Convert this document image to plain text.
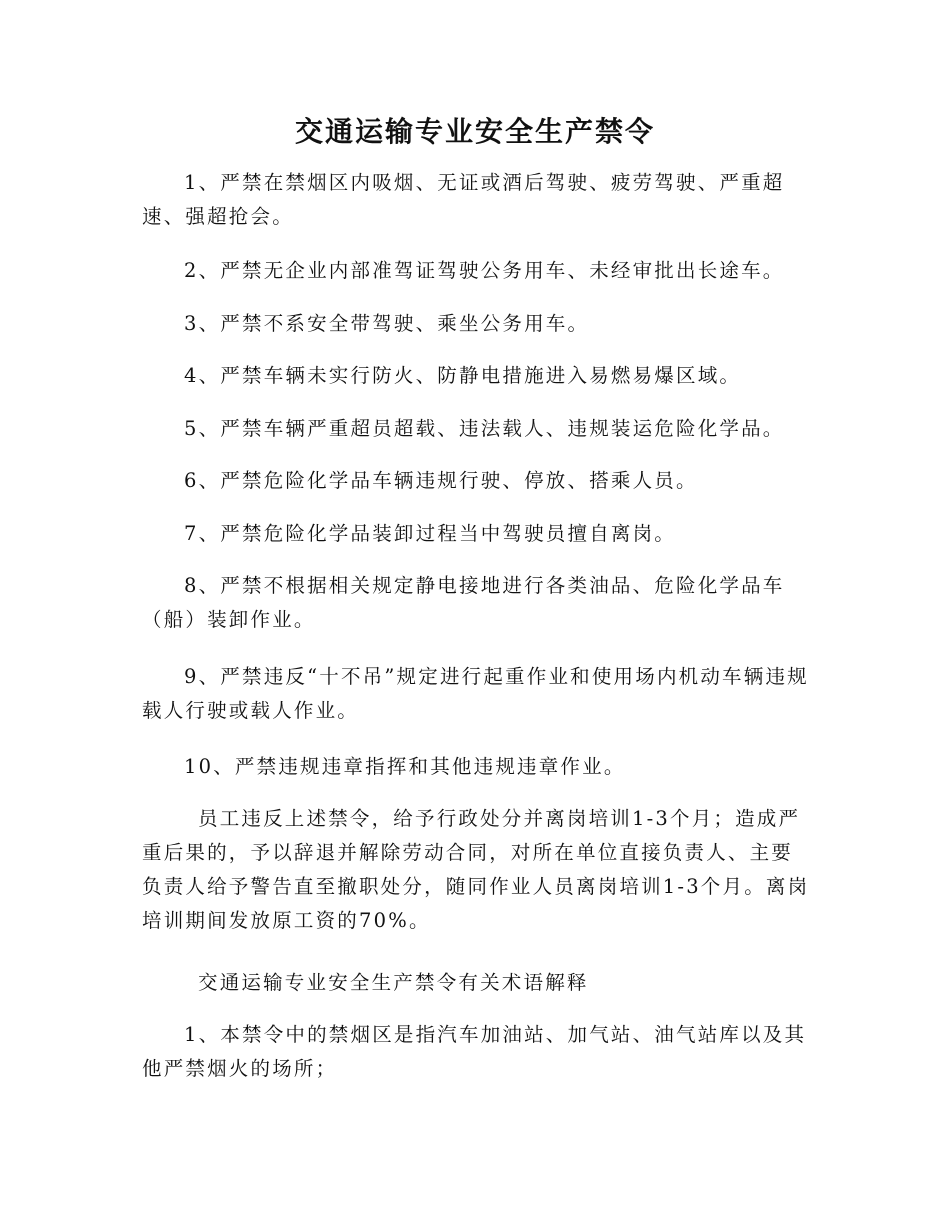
交通运输专业安全生产禁令

1、严禁在禁烟区内吸烟、无证或酒后驾驶、疲劳驾驶、严重超速、强超抢会。

2、严禁无企业内部准驾证驾驶公务用车、未经审批出长途车。

3、严禁不系安全带驾驶、乘坐公务用车。

4、严禁车辆未实行防火、防静电措施进入易燃易爆区域。

5、严禁车辆严重超员超载、违法载人、违规装运危险化学品。

6、严禁危险化学品车辆违规行驶、停放、搭乘人员。

7、严禁危险化学品装卸过程当中驾驶员擅自离岗。

8、严禁不根据相关规定静电接地进行各类油品、危险化学品车（船）装卸作业。

9、严禁违反“十不吊”规定进行起重作业和使用场内机动车辆违规载人行驶或载人作业。

10、严禁违规违章指挥和其他违规违章作业。

员工违反上述禁令，给予行政处分并离岗培训1-3个月；造成严重后果的，予以辞退并解除劳动合同，对所在单位直接负责人、主要负责人给予警告直至撤职处分，随同作业人员离岗培训1-3个月。离岗培训期间发放原工资的70%。

交通运输专业安全生产禁令有关术语解释

1、本禁令中的禁烟区是指汽车加油站、加气站、油气站库以及其他严禁烟火的场所；
